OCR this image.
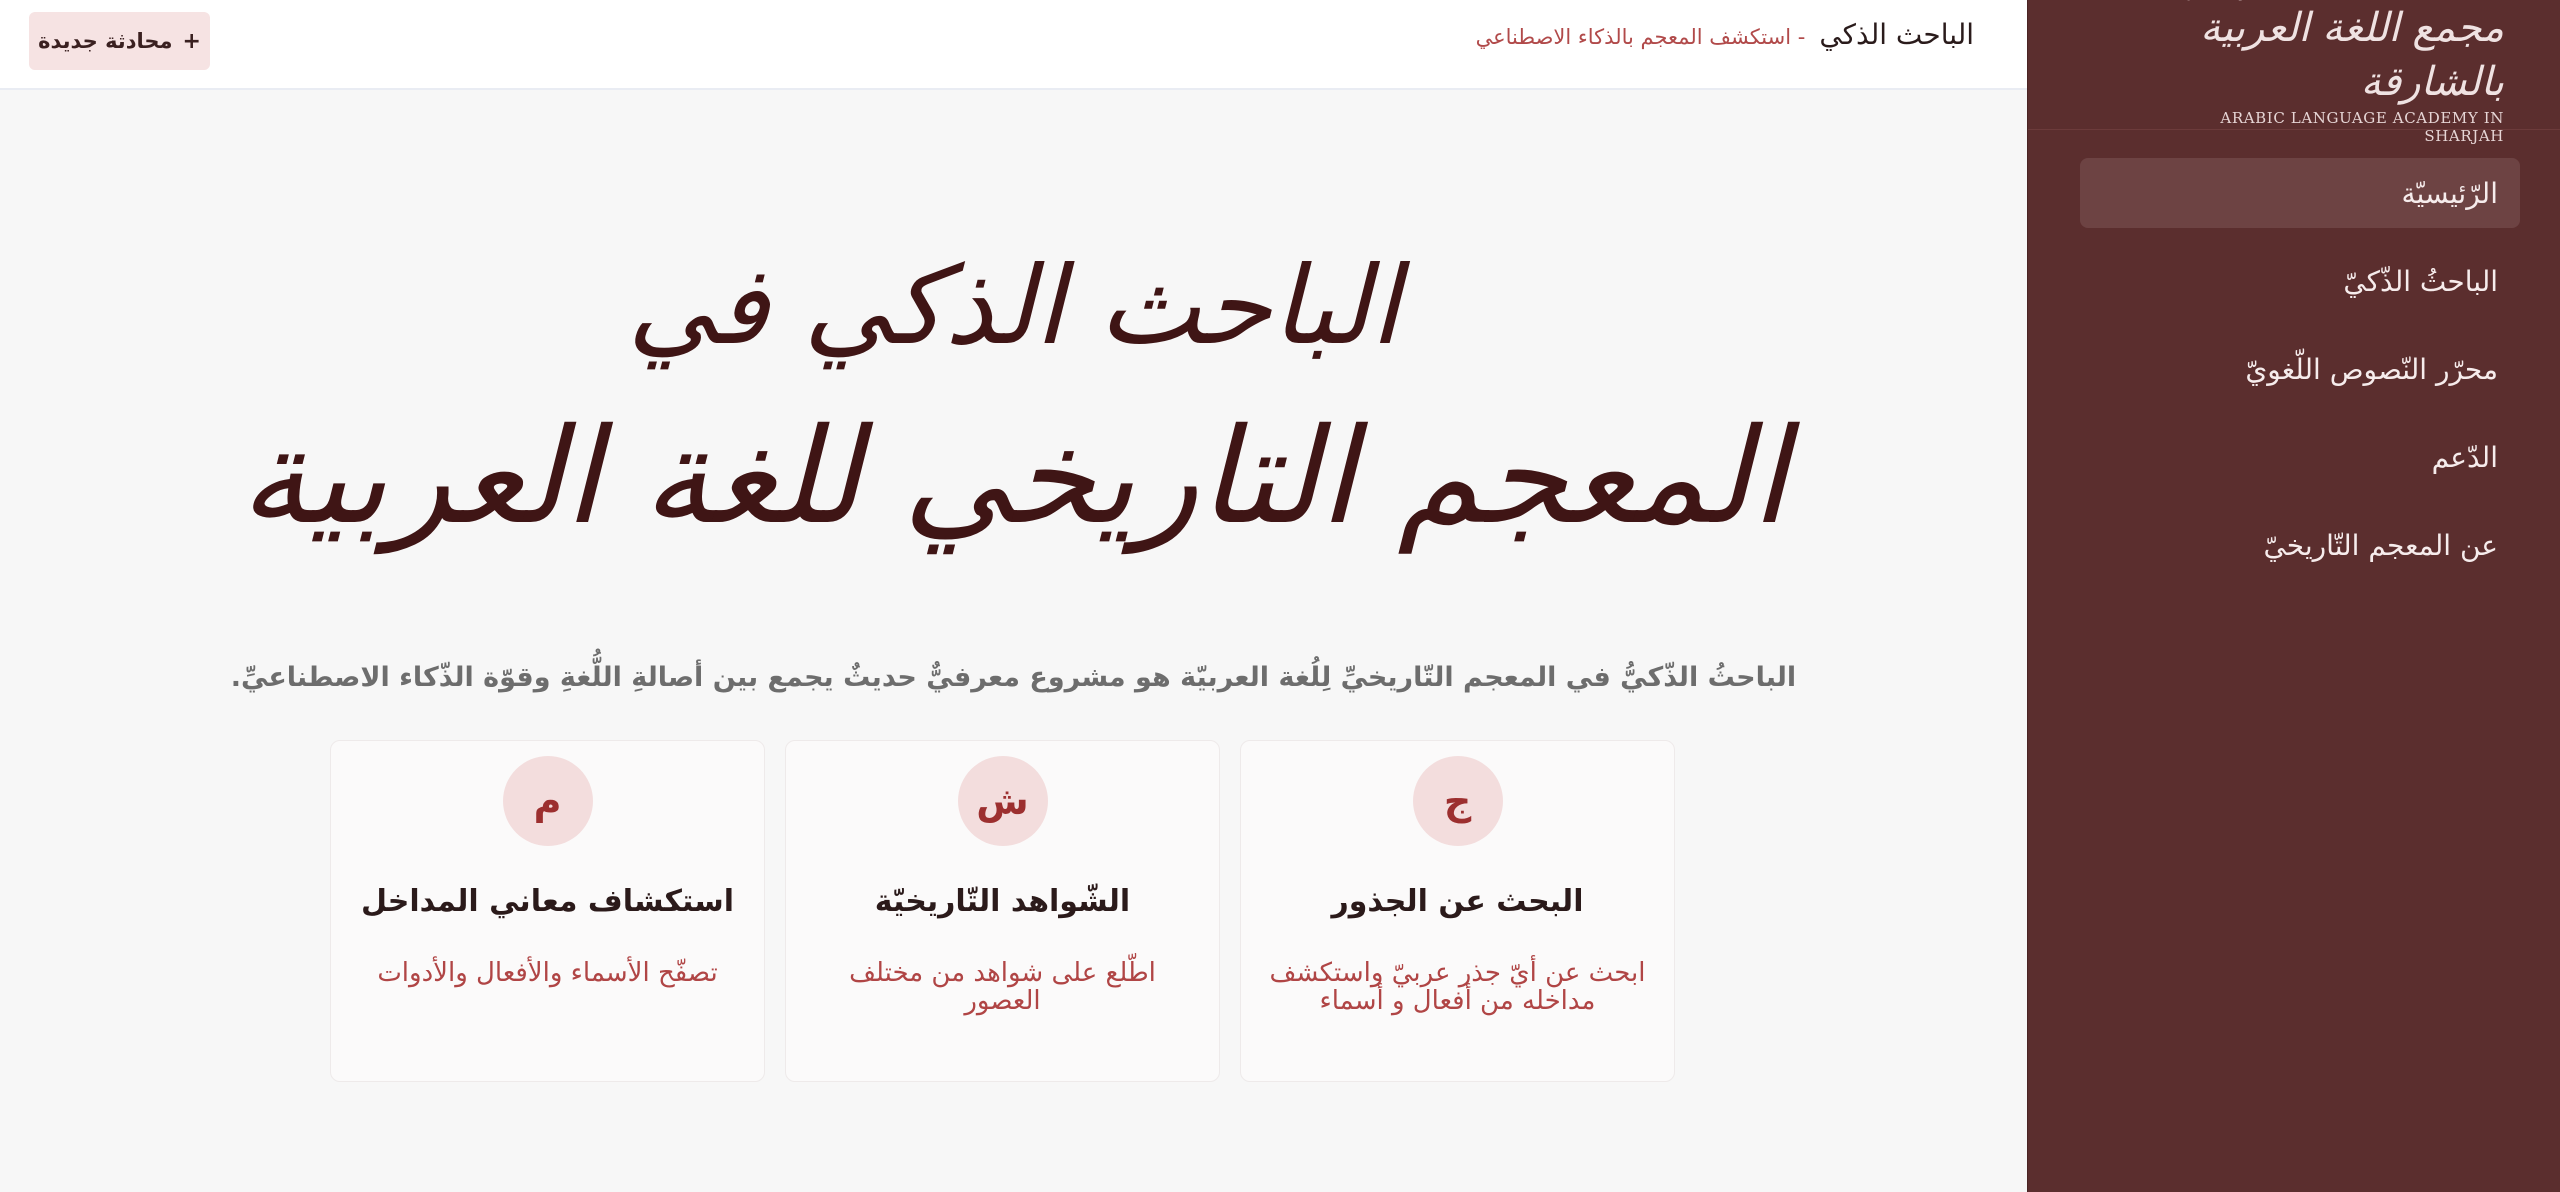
مجمع اللغة العربية بالشارقة
ARABIC LANGUAGE ACADEMY IN SHARJAH
الرّئيسيّة
الباحثُ الذّكيّ
محرّر النّصوص اللّغويّ
الدّعم
عن المعجم التّاريخيّ
الباحث الذكي
- استكشف المعجم بالذكاء الاصطناعي
+
محادثة جديدة
الباحث الذكي في
المعجم التاريخي للغة العربية

الباحثُ الذّكيُّ في المعجم التّاريخيِّ لِلُغة العربيّة هو مشروع معرفيٌّ حديثٌ يجمع بين أصالةِ اللُّغةِ وقوّة الذّكاء الاصطناعيِّ.

ج
البحث عن الجذور
ابحث عن أيّ جذر عربيّ واستكشف مداخله من أفعال و أسماء
ش
الشّواهد التّاريخيّة
اطّلع على شواهد من مختلف العصور
م
استكشاف معاني المداخل
تصفّح الأسماء والأفعال والأدوات
